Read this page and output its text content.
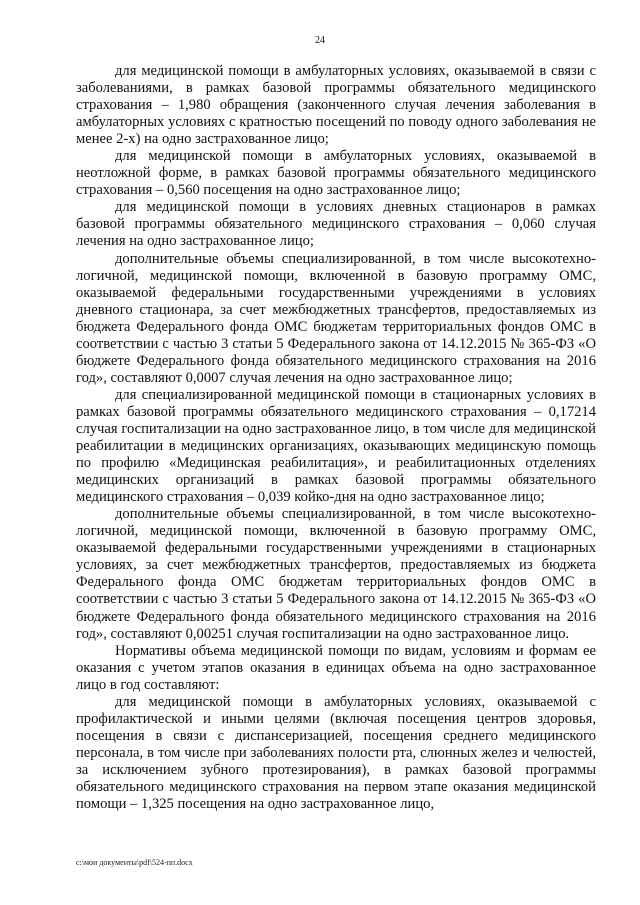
24

для медицинской помощи в амбулаторных условиях, оказываемой в связи с заболеваниями, в рамках базовой программы обязательного медицинского страхования – 1,980 обращения (законченного случая лечения заболевания в амбулаторных условиях с кратностью посещений по поводу одного заболевания не менее 2-х) на одно застрахованное лицо;

для медицинской помощи в амбулаторных условиях, оказываемой в неотложной форме, в рамках базовой программы обязательного медицинского страхования – 0,560 посещения на одно застрахованное лицо;

для медицинской помощи в условиях дневных стационаров в рамках базовой программы обязательного медицинского страхования – 0,060 случая лечения на одно застрахованное лицо;

дополнительные объемы специализированной, в том числе высокотехнологичной, медицинской помощи, включенной в базовую программу ОМС, оказываемой федеральными государственными учреждениями в условиях дневного стационара, за счет межбюджетных трансфертов, предоставляемых из бюджета Федерального фонда ОМС бюджетам территориальных фондов ОМС в соответствии с частью 3 статьи 5 Федерального закона от 14.12.2015 № 365-ФЗ «О бюджете Федерального фонда обязательного медицинского страхования на 2016 год», составляют 0,0007 случая лечения на одно застрахованное лицо;

для специализированной медицинской помощи в стационарных условиях в рамках базовой программы обязательного медицинского страхования – 0,17214 случая госпитализации на одно застрахованное лицо, в том числе для медицинской реабилитации в медицинских организациях, оказывающих медицинскую помощь по профилю «Медицинская реабилитация», и реабилитационных отделениях медицинских организаций в рамках базовой программы обязательного медицинского страхования – 0,039 койко-дня на одно застрахованное лицо;

дополнительные объемы специализированной, в том числе высокотехнологичной, медицинской помощи, включенной в базовую программу ОМС, оказываемой федеральными государственными учреждениями в стационарных условиях, за счет межбюджетных трансфертов, предоставляемых из бюджета Федерального фонда ОМС бюджетам территориальных фондов ОМС в соответствии с частью 3 статьи 5 Федерального закона от 14.12.2015 № 365-ФЗ «О бюджете Федерального фонда обязательного медицинского страхования на 2016 год», составляют 0,00251 случая госпитализации на одно застрахованное лицо.

Нормативы объема медицинской помощи по видам, условиям и формам ее оказания с учетом этапов оказания в единицах объема на одно застрахованное лицо в год составляют:

для медицинской помощи в амбулаторных условиях, оказываемой с профилактической и иными целями (включая посещения центров здоровья, посещения в связи с диспансеризацией, посещения среднего медицинского персонала, в том числе при заболеваниях полости рта, слюнных желез и челюстей, за исключением зубного протезирования), в рамках базовой программы обязательного медицинского страхования на первом этапе оказания медицинской помощи – 1,325 посещения на одно застрахованное лицо,

c:\мои документы\pdf\524-пп.docx
